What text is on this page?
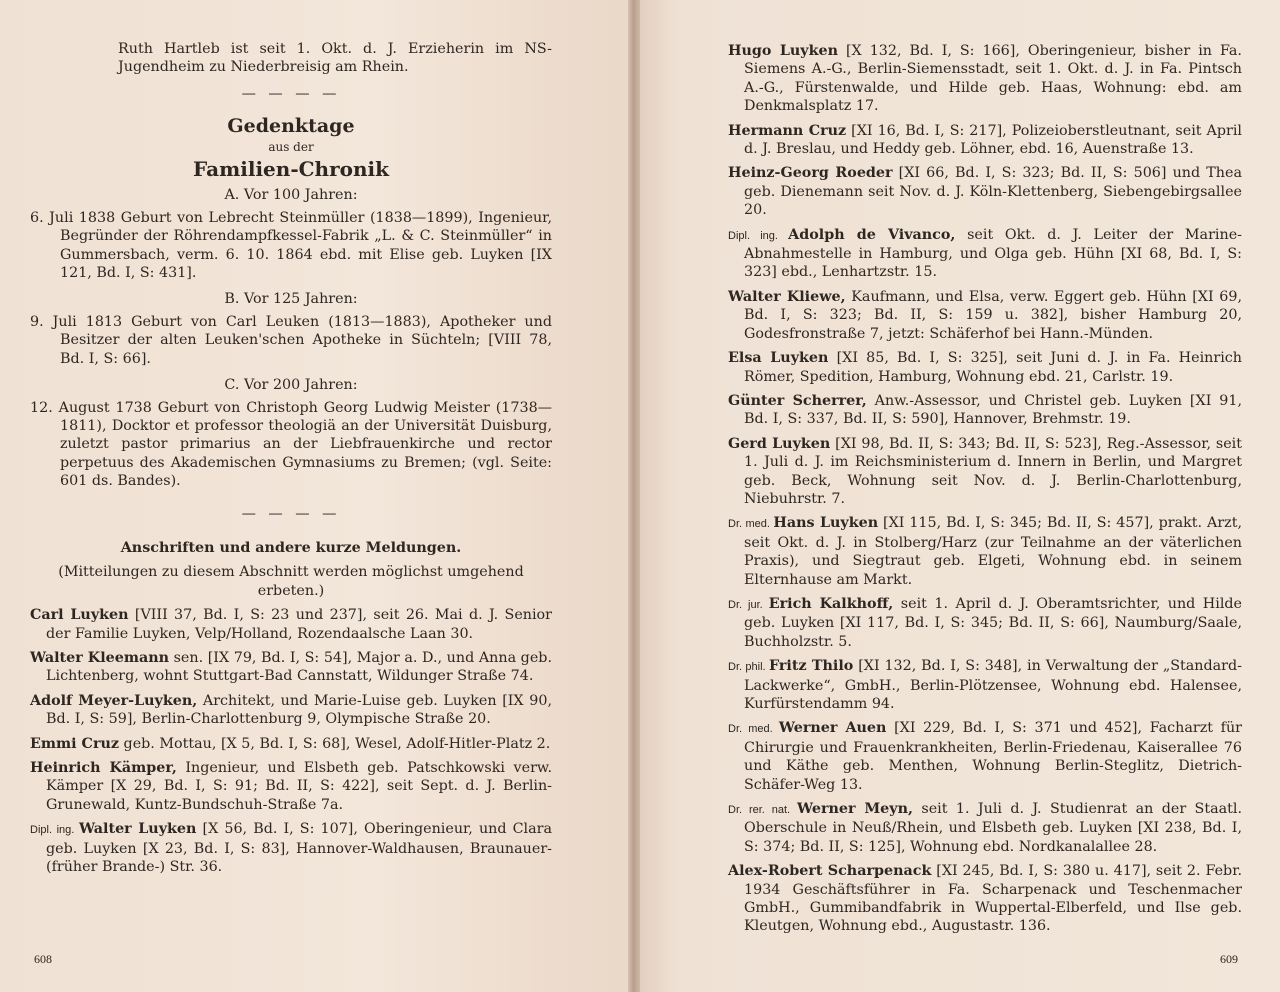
Ruth Hartleb ist seit 1. Okt. d. J. Erzieherin im NS-Jugendheim zu Niederbreisig am Rhein.

— — — —
Gedenktage
aus der
Familien-Chronik
A. Vor 100 Jahren:

6. Juli 1838 Geburt von Lebrecht Steinmüller (1838—1899), Ingenieur, Begründer der Röhrendampfkessel-Fabrik „L. & C. Steinmüller“ in Gummersbach, verm. 6. 10. 1864 ebd. mit Elise geb. Luyken [IX 121, Bd. I, S: 431].

B. Vor 125 Jahren:

9. Juli 1813 Geburt von Carl Leuken (1813—1883), Apotheker und Besitzer der alten Leuken'schen Apotheke in Süchteln; [VIII 78, Bd. I, S: 66].

C. Vor 200 Jahren:

12. August 1738 Geburt von Christoph Georg Ludwig Meister (1738—1811), Docktor et professor theologiä an der Universität Duisburg, zuletzt pastor primarius an der Liebfrauenkirche und rector perpetuus des Akademischen Gymnasiums zu Bremen; (vgl. Seite: 601 ds. Bandes).

— — — —
Anschriften und andere kurze Meldungen.

(Mitteilungen zu diesem Abschnitt werden möglichst umgehend erbeten.)

Carl Luyken [VIII 37, Bd. I, S: 23 und 237], seit 26. Mai d. J. Senior der Familie Luyken, Velp/Holland, Rozendaalsche Laan 30.

Walter Kleemann sen. [IX 79, Bd. I, S: 54], Major a. D., und Anna geb. Lichtenberg, wohnt Stuttgart-Bad Cannstatt, Wildunger Straße 74.

Adolf Meyer-Luyken, Architekt, und Marie-Luise geb. Luyken [IX 90, Bd. I, S: 59], Berlin-Charlottenburg 9, Olympische Straße 20.

Emmi Cruz geb. Mottau, [X 5, Bd. I, S: 68], Wesel, Adolf-Hitler-Platz 2.

Heinrich Kämper, Ingenieur, und Elsbeth geb. Patschkowski verw. Kämper [X 29, Bd. I, S: 91; Bd. II, S: 422], seit Sept. d. J. Berlin-Grunewald, Kuntz-Bundschuh-Straße 7a.

Dipl. ing. Walter Luyken [X 56, Bd. I, S: 107], Oberingenieur, und Clara geb. Luyken [X 23, Bd. I, S: 83], Hannover-Waldhausen, Braunauer- (früher Brande-) Str. 36.

608

Hugo Luyken [X 132, Bd. I, S: 166], Oberingenieur, bisher in Fa. Siemens A.-G., Berlin-Siemensstadt, seit 1. Okt. d. J. in Fa. Pintsch A.-G., Fürstenwalde, und Hilde geb. Haas, Wohnung: ebd. am Denkmalsplatz 17.

Hermann Cruz [XI 16, Bd. I, S: 217], Polizeioberstleutnant, seit April d. J. Breslau, und Heddy geb. Löhner, ebd. 16, Auenstraße 13.

Heinz-Georg Roeder [XI 66, Bd. I, S: 323; Bd. II, S: 506] und Thea geb. Dienemann seit Nov. d. J. Köln-Klettenberg, Siebengebirgsallee 20.

Dipl. ing. Adolph de Vivanco, seit Okt. d. J. Leiter der Marine-Abnahmestelle in Hamburg, und Olga geb. Hühn [XI 68, Bd. I, S: 323] ebd., Lenhartzstr. 15.

Walter Kliewe, Kaufmann, und Elsa, verw. Eggert geb. Hühn [XI 69, Bd. I, S: 323; Bd. II, S: 159 u. 382], bisher Hamburg 20, Godesfronstraße 7, jetzt: Schäferhof bei Hann.-Münden.

Elsa Luyken [XI 85, Bd. I, S: 325], seit Juni d. J. in Fa. Heinrich Römer, Spedition, Hamburg, Wohnung ebd. 21, Carlstr. 19.

Günter Scherrer, Anw.-Assessor, und Christel geb. Luyken [XI 91, Bd. I, S: 337, Bd. II, S: 590], Hannover, Brehmstr. 19.

Gerd Luyken [XI 98, Bd. II, S: 343; Bd. II, S: 523], Reg.-Assessor, seit 1. Juli d. J. im Reichsministerium d. Innern in Berlin, und Margret geb. Beck, Wohnung seit Nov. d. J. Berlin-Charlottenburg, Niebuhrstr. 7.

Dr. med. Hans Luyken [XI 115, Bd. I, S: 345; Bd. II, S: 457], prakt. Arzt, seit Okt. d. J. in Stolberg/Harz (zur Teilnahme an der väterlichen Praxis), und Siegtraut geb. Elgeti, Wohnung ebd. in seinem Elternhause am Markt.

Dr. jur. Erich Kalkhoff, seit 1. April d. J. Oberamtsrichter, und Hilde geb. Luyken [XI 117, Bd. I, S: 345; Bd. II, S: 66], Naumburg/Saale, Buchholzstr. 5.

Dr. phil. Fritz Thilo [XI 132, Bd. I, S: 348], in Verwaltung der „Standard-Lackwerke“, GmbH., Berlin-Plötzensee, Wohnung ebd. Halensee, Kurfürstendamm 94.

Dr. med. Werner Auen [XI 229, Bd. I, S: 371 und 452], Facharzt für Chirurgie und Frauenkrankheiten, Berlin-Friedenau, Kaiserallee 76 und Käthe geb. Menthen, Wohnung Berlin-Steglitz, Dietrich-Schäfer-Weg 13.

Dr. rer. nat. Werner Meyn, seit 1. Juli d. J. Studienrat an der Staatl. Oberschule in Neuß/Rhein, und Elsbeth geb. Luyken [XI 238, Bd. I, S: 374; Bd. II, S: 125], Wohnung ebd. Nordkanalallee 28.

Alex-Robert Scharpenack [XI 245, Bd. I, S: 380 u. 417], seit 2. Febr. 1934 Geschäftsführer in Fa. Scharpenack und Teschenmacher GmbH., Gummibandfabrik in Wuppertal-Elberfeld, und Ilse geb. Kleutgen, Wohnung ebd., Augustastr. 136.

609
